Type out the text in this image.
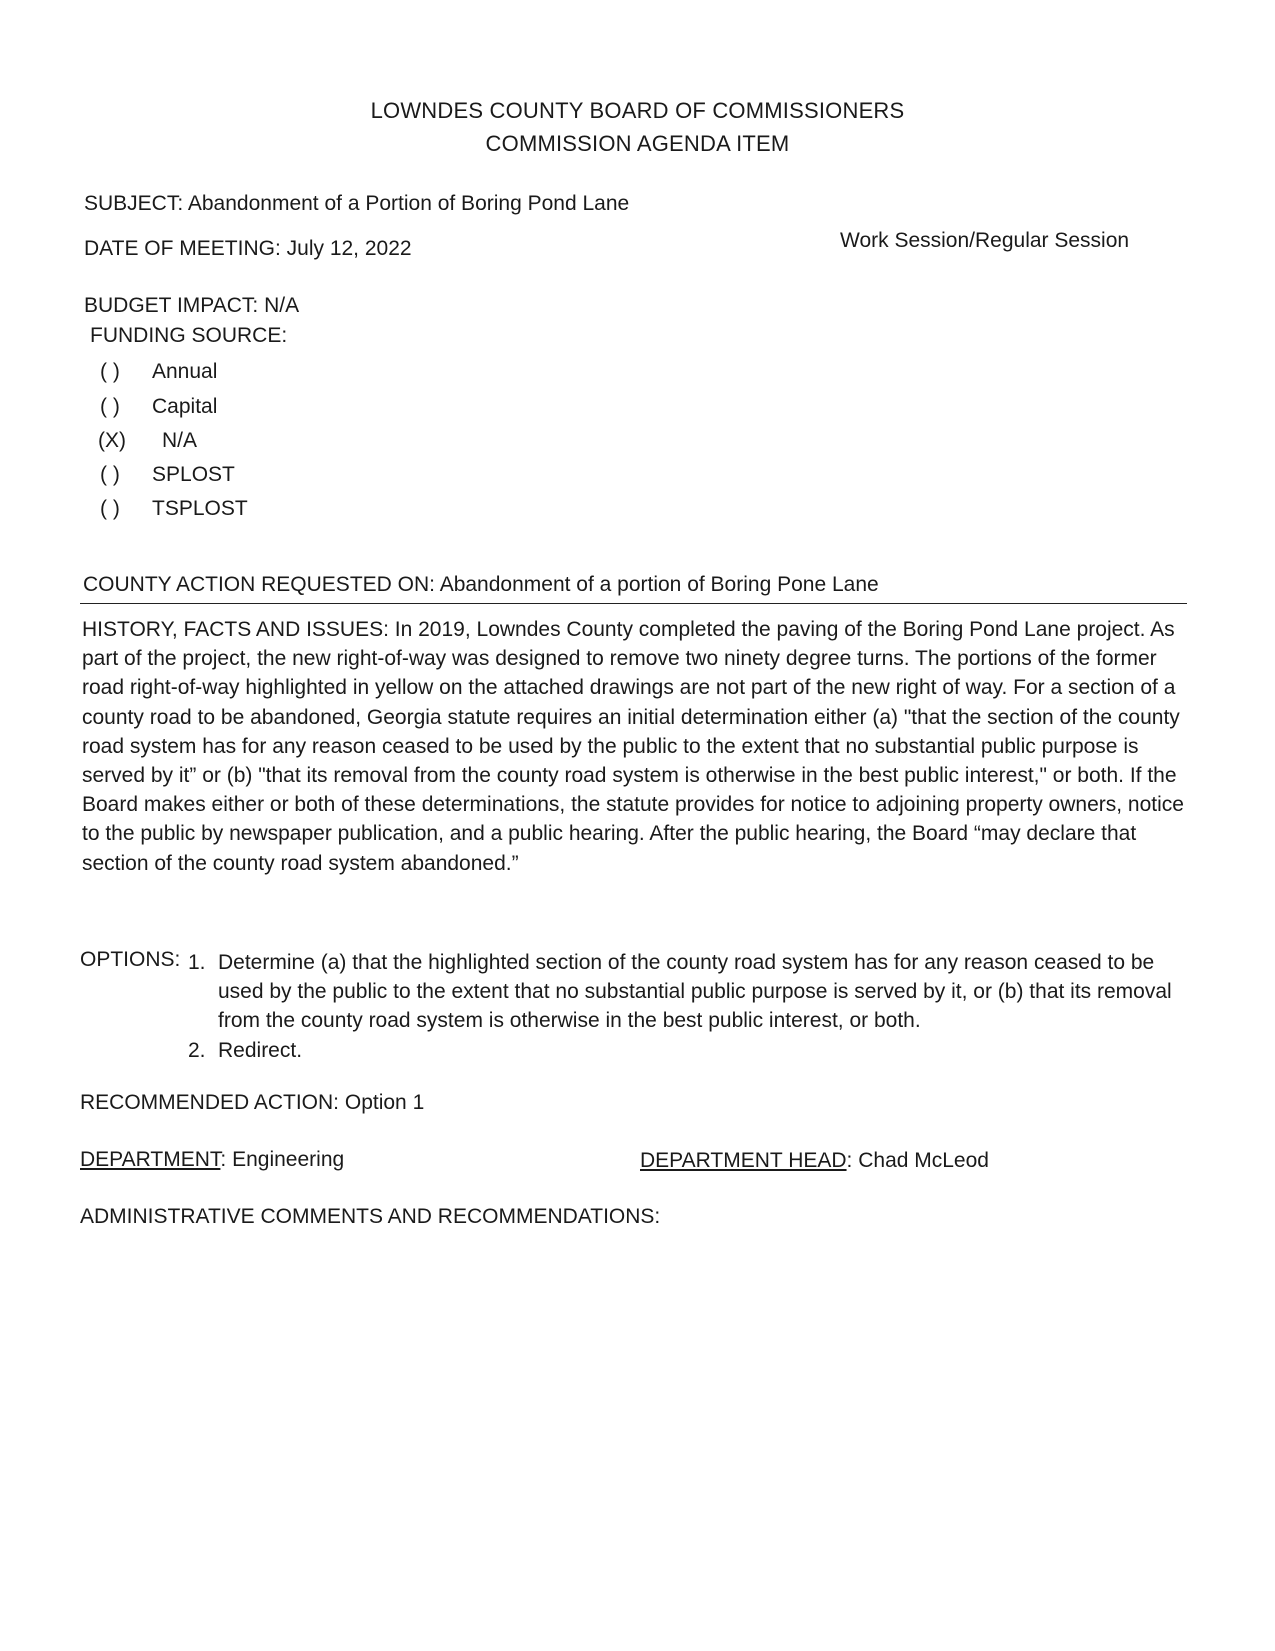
LOWNDES COUNTY BOARD OF COMMISSIONERS
COMMISSION AGENDA ITEM
SUBJECT: Abandonment of a Portion of Boring Pond Lane
DATE OF MEETING: July 12, 2022	Work Session/Regular Session
BUDGET IMPACT: N/A
FUNDING SOURCE:
( )	Annual
( )	Capital
(X)	N/A
( )	SPLOST
( )	TSPLOST
COUNTY ACTION REQUESTED ON: Abandonment of a portion of Boring Pone Lane
HISTORY, FACTS AND ISSUES: In 2019, Lowndes County completed the paving of the Boring Pond Lane project. As part of the project, the new right-of-way was designed to remove two ninety degree turns. The portions of the former road right-of-way highlighted in yellow on the attached drawings are not part of the new right of way. For a section of a county road to be abandoned, Georgia statute requires an initial determination either (a) "that the section of the county road system has for any reason ceased to be used by the public to the extent that no substantial public purpose is served by it” or (b) "that its removal from the county road system is otherwise in the best public interest," or both. If the Board makes either or both of these determinations, the statute provides for notice to adjoining property owners, notice to the public by newspaper publication, and a public hearing. After the public hearing, the Board “may declare that section of the county road system abandoned.”
OPTIONS: 1. Determine (a) that the highlighted section of the county road system has for any reason ceased to be used by the public to the extent that no substantial public purpose is served by it, or (b) that its removal from the county road system is otherwise in the best public interest, or both.
2. Redirect.
RECOMMENDED ACTION: Option 1
DEPARTMENT: Engineering	DEPARTMENT HEAD: Chad McLeod
ADMINISTRATIVE COMMENTS AND RECOMMENDATIONS:
